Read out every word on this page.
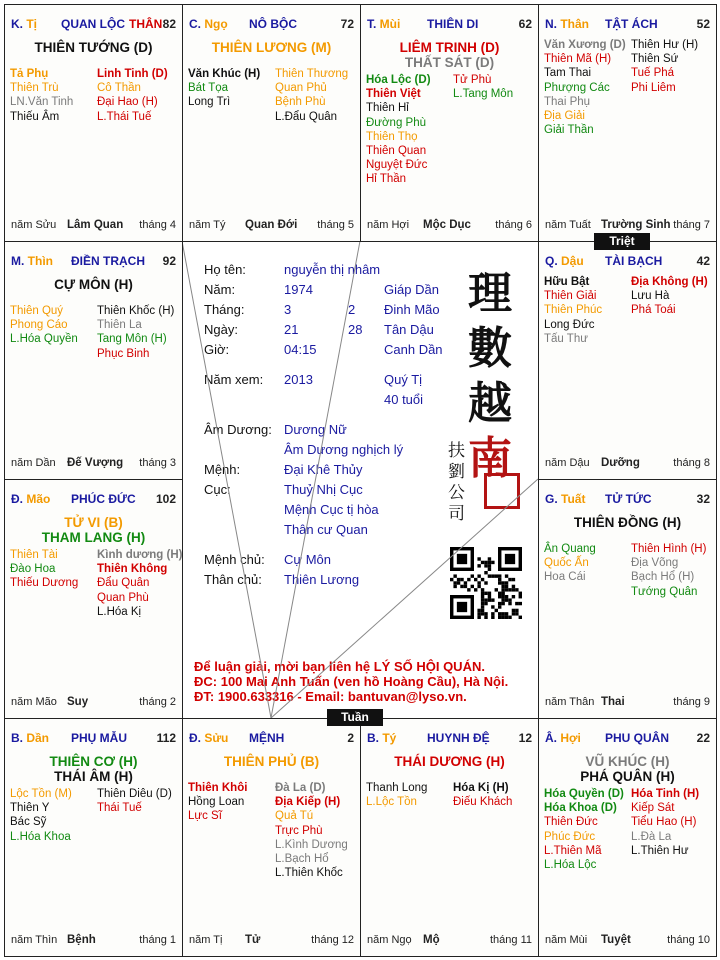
Họ tên:	nguyễn thị nhâm
Năm:	1974	Giáp Dần
Tháng:	3	2 Đinh Mão
Ngày:	21	28 Tân Dậu
Giờ:	04:15	Canh Dần
Năm xem: 2013	Quý Tị
40 tuổi
Âm Dương: Dương Nữ
Âm Dương nghịch lý
Mệnh:	Đại Khê Thủy
Cục:	Thuỷ Nhị Cục
Mệnh Cục tị hòa
Thân cư Quan
Mệnh chủ: Cự Môn
Thân chủ: Thiên Lương
理
數
越
南
扶
劉
公
司
Để luận giải, mời bạn liên hệ LÝ SỐ HỘI QUÁN.
ĐC: 100 Mai Anh Tuấn (ven hồ Hoàng Cầu), Hà Nội.
ĐT: 1900.633316 - Email: bantuvan@lyso.vn.
K. Tị QUAN LỘC THÂN 82
THIÊN TƯỚNG (D)
Tả Phụ
Thiên Trù
LN.Văn Tinh
Thiếu Âm
Linh Tinh (D)
Cô Thần
Đại Hao (H)
L.Thái Tuế
năm Sửu Lâm Quan tháng 4
C. Ngọ NÔ BỘC	72
THIÊN LƯƠNG (M)
Văn Khúc (H)
Bát Tọa
Long Trì
Thiên Thương
Quan Phủ
Bệnh Phù
L.Đẩu Quân
năm Tý Quan Đới tháng 5
T. Mùi THIÊN DI	62
LIÊM TRINH (D)
THẤT SÁT (D)
Hóa Lộc (D)
Thiên Việt
Thiên Hỉ
Đường Phù
Thiên Thọ
Thiên Quan
Nguyệt Đức
Hỉ Thần
Tử Phù
L.Tang Môn
năm Hợi Mộc Dục tháng 6
N. Thân TẬT ÁCH	52
Văn Xương (D)
Thiên Mã (H)
Tam Thai
Phượng Các
Thai Phụ
Địa Giải
Giải Thần
Thiên Hư (H)
Thiên Sứ
Tuế Phá
Phi Liêm
năm Tuất Trường Sinh tháng 7
M. Thìn ĐIỀN TRẠCH 92
CỰ MÔN (H)
Thiên Quý
Phong Cáo
L.Hóa Quyền
Thiên Khốc (H)
Thiên La
Tang Môn (H)
Phục Binh
năm Dần Đế Vượng tháng 3
Q. Dậu TÀI BẠCH	42
Hữu Bật
Thiên Giải
Thiên Phúc
Long Đức
Tấu Thư
Địa Không (H)
Lưu Hà
Phá Toái
năm Dậu Dưỡng	tháng 8
Đ. Mão PHÚC ĐỨC 102
TỬ VI (B)
THAM LANG (H)
Thiên Tài
Đào Hoa
Thiếu Dương
Kình dương (H)
Thiên Không
Đẩu Quân
Quan Phù
L.Hóa Kị
năm Mão Suy	tháng 2
G. Tuất TỬ TỨC	32
THIÊN ĐỒNG (H)
Ân Quang
Quốc Ấn
Hoa Cái
Thiên Hình (H)
Địa Võng
Bạch Hổ (H)
Tướng Quân
năm Thân Thai	tháng 9
B. Dần PHỤ MẪU 112
THIÊN CƠ (H)
THÁI ÂM (H)
Lộc Tồn (M)
Thiên Y
Bác Sỹ
L.Hóa Khoa
Thiên Diêu (D)
Thái Tuế
năm Thìn Bệnh	tháng 1
Đ. Sửu MỆNH	2
THIÊN PHỦ (B)
Thiên Khôi
Hồng Loan
Lực Sĩ
Đà La (D)
Địa Kiếp (H)
Quả Tú
Trực Phù
L.Kình Dương
L.Bạch Hổ
L.Thiên Khốc
năm Tị Tử	tháng 12
B. Tý	HUYNH ĐỆ 12
THÁI DƯƠNG (H)
Thanh Long
L.Lộc Tồn
Hóa Kị (H)
Điếu Khách
năm Ngọ Mộ	tháng 11
Â. Hợi PHU QUÂN 22
VŨ KHÚC (H)
PHÁ QUÂN (H)
Hóa Quyền (D)
Hóa Khoa (D)
Thiên Đức
Phúc Đức
L.Thiên Mã
L.Hóa Lộc
Hóa Tinh (H)
Kiếp Sát
Tiểu Hao (H)
L.Đà La
L.Thiên Hư
năm Mùi Tuyệt	tháng 10
Triệt
Tuần
